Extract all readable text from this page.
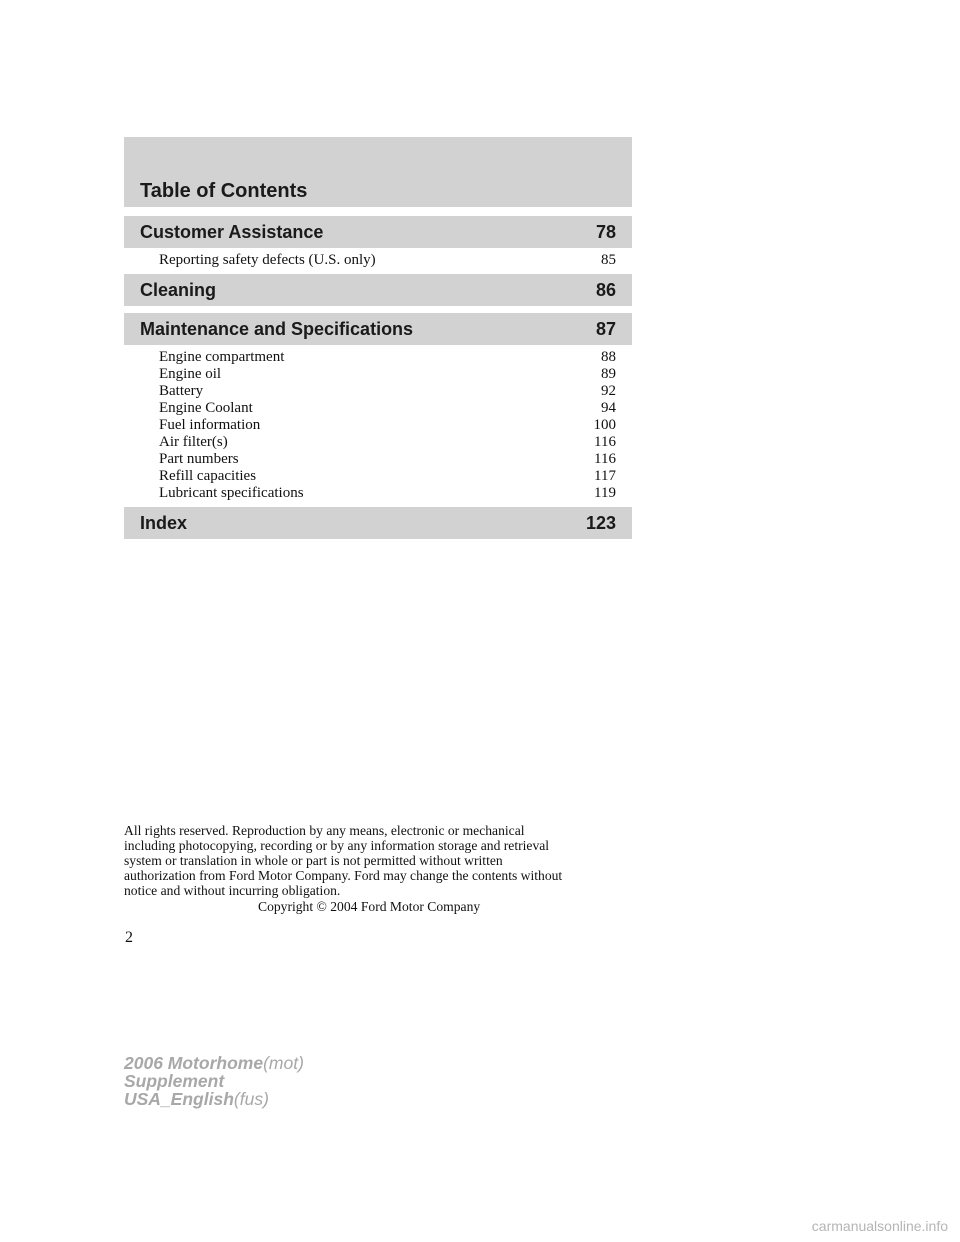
Table of Contents
Customer Assistance	78
Reporting safety defects (U.S. only)	85
Cleaning	86
Maintenance and Specifications	87
Engine compartment	88
Engine oil	89
Battery	92
Engine Coolant	94
Fuel information	100
Air filter(s)	116
Part numbers	116
Refill capacities	117
Lubricant specifications	119
Index	123
All rights reserved. Reproduction by any means, electronic or mechanical
including photocopying, recording or by any information storage and retrieval
system or translation in whole or part is not permitted without written
authorization from Ford Motor Company. Ford may change the contents without
notice and without incurring obligation.
Copyright © 2004 Ford Motor Company
2
2006 Motorhome(mot)
Supplement
USA_English(fus)
carmanualsonline.info
